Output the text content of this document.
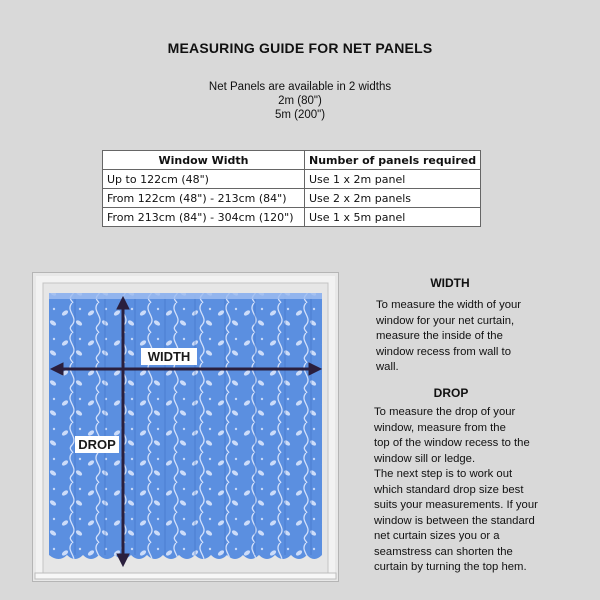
MEASURING GUIDE FOR NET PANELS
Net Panels are available in 2 widths
2m (80")
5m (200")
Window Width	Number of panels required
Up to 122cm (48")	Use 1 x 2m panel
From 122cm (48") - 213cm (84")	Use 2 x 2m panels
From 213cm (84") - 304cm (120")	Use 1 x 5m panel
WIDTH
DROP
WIDTH
To measure the width of your
window for your net curtain,
measure the inside of the
window recess from wall to
wall.
DROP
To measure the drop of your
window, measure from the
top of the window recess to the
window sill or ledge.
The next step is to work out
which standard drop size best
suits your measurements. If your
window is between the standard
net curtain sizes you or a
seamstress can shorten the
curtain by turning the top hem.
